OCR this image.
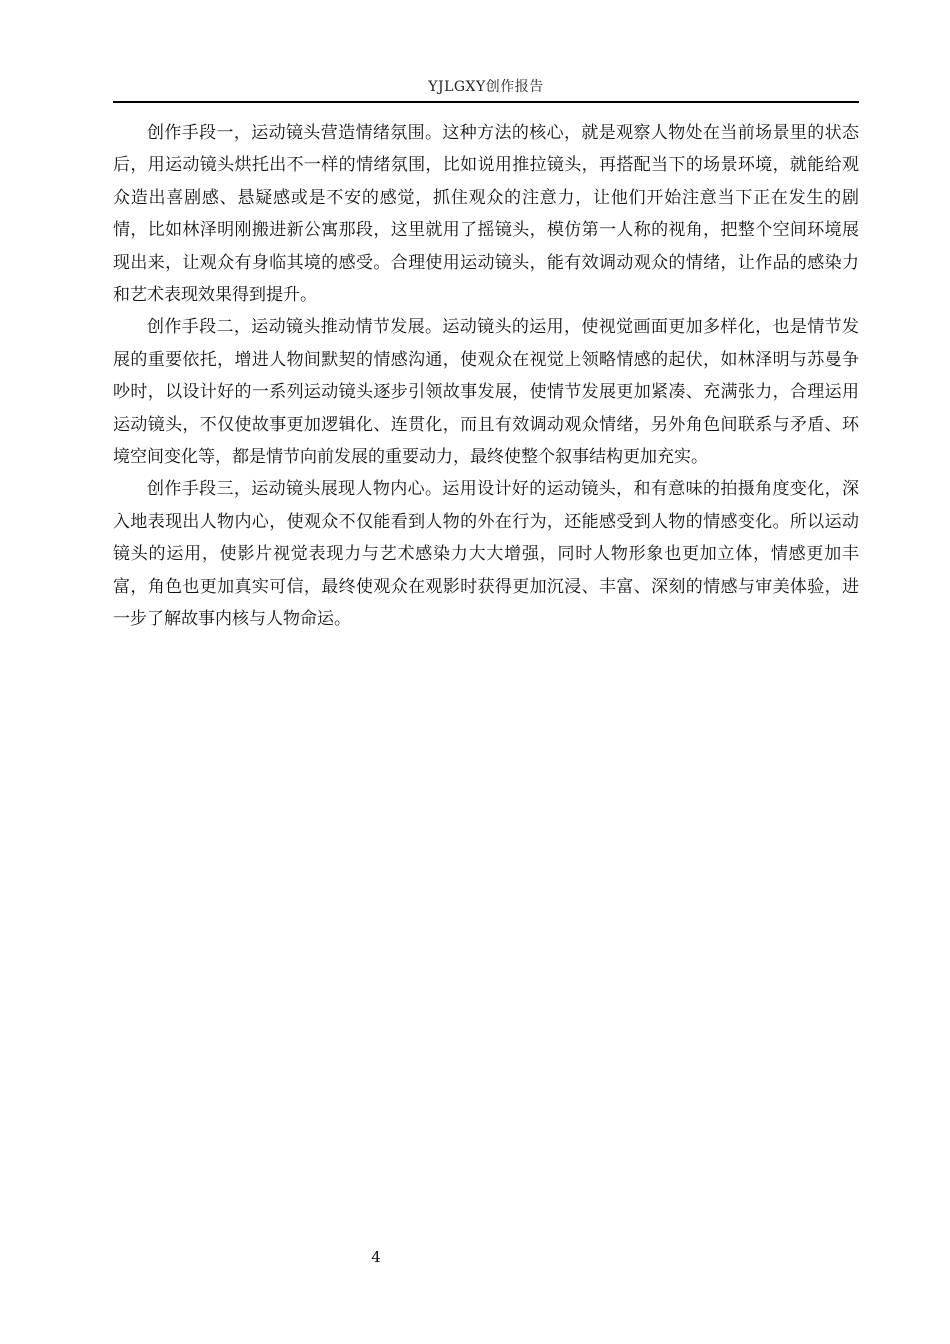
YJLGXY创作报告

创作手段一，运动镜头营造情绪氛围。这种方法的核心，就是观察人物处在当前场景里的状态后，用运动镜头烘托出不一样的情绪氛围，比如说用推拉镜头，再搭配当下的场景环境，就能给观众造出喜剧感、悬疑感或是不安的感觉，抓住观众的注意力，让他们开始注意当下正在发生的剧情，比如林泽明刚搬进新公寓那段，这里就用了摇镜头，模仿第一人称的视角，把整个空间环境展现出来，让观众有身临其境的感受。合理使用运动镜头，能有效调动观众的情绪，让作品的感染力和艺术表现效果得到提升。

创作手段二，运动镜头推动情节发展。运动镜头的运用，使视觉画面更加多样化，也是情节发展的重要依托，增进人物间默契的情感沟通，使观众在视觉上领略情感的起伏，如林泽明与苏曼争吵时，以设计好的一系列运动镜头逐步引领故事发展，使情节发展更加紧凑、充满张力，合理运用运动镜头，不仅使故事更加逻辑化、连贯化，而且有效调动观众情绪，另外角色间联系与矛盾、环境空间变化等，都是情节向前发展的重要动力，最终使整个叙事结构更加充实。

创作手段三，运动镜头展现人物内心。运用设计好的运动镜头，和有意味的拍摄角度变化，深入地表现出人物内心，使观众不仅能看到人物的外在行为，还能感受到人物的情感变化。所以运动镜头的运用，使影片视觉表现力与艺术感染力大大增强，同时人物形象也更加立体，情感更加丰富，角色也更加真实可信，最终使观众在观影时获得更加沉浸、丰富、深刻的情感与审美体验，进一步了解故事内核与人物命运。

4
